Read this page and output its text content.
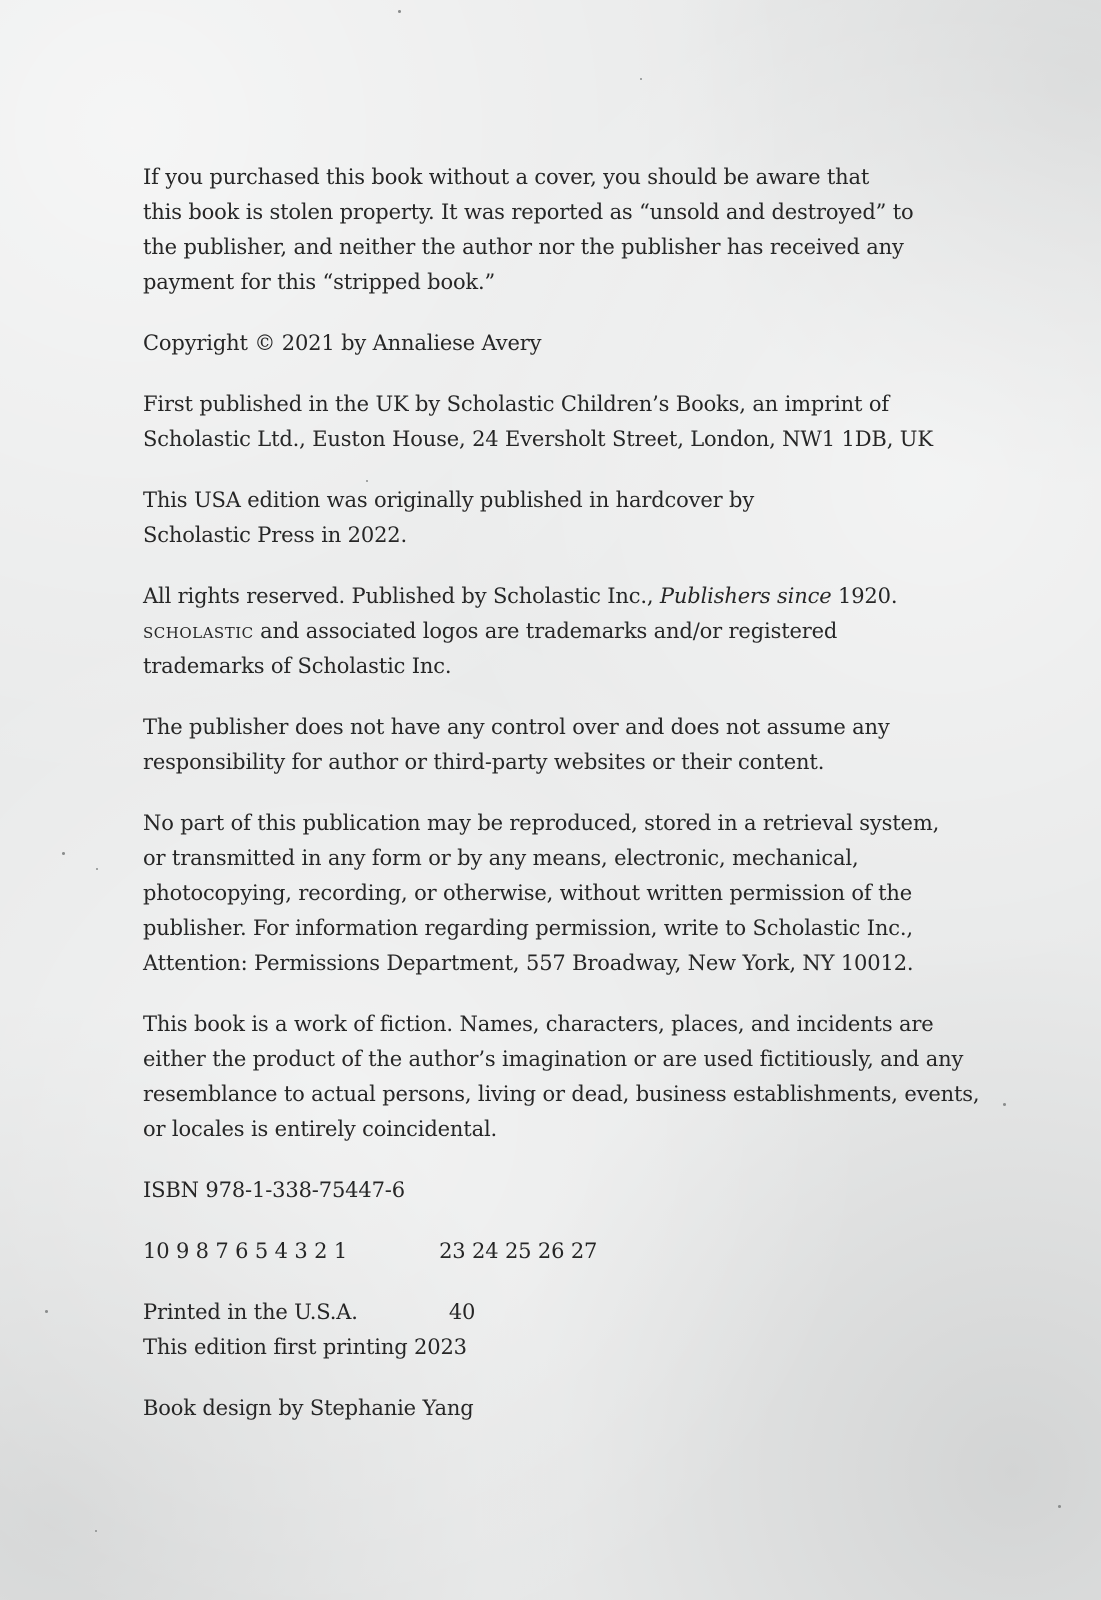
If you purchased this book without a cover, you should be aware that
this book is stolen property. It was reported as “unsold and destroyed” to
the publisher, and neither the author nor the publisher has received any
payment for this “stripped book.”

Copyright © 2021 by Annaliese Avery

First published in the UK by Scholastic Children’s Books, an imprint of
Scholastic Ltd., Euston House, 24 Eversholt Street, London, NW1 1DB, UK

This USA edition was originally published in hardcover by
Scholastic Press in 2022.

All rights reserved. Published by Scholastic Inc., Publishers since 1920.
scholastic and associated logos are trademarks and/or registered
trademarks of Scholastic Inc.

The publisher does not have any control over and does not assume any
responsibility for author or third-party websites or their content.

No part of this publication may be reproduced, stored in a retrieval system,
or transmitted in any form or by any means, electronic, mechanical,
photocopying, recording, or otherwise, without written permission of the
publisher. For information regarding permission, write to Scholastic Inc.,
Attention: Permissions Department, 557 Broadway, New York, NY 10012.

This book is a work of fiction. Names, characters, places, and incidents are
either the product of the author’s imagination or are used fictitiously, and any
resemblance to actual persons, living or dead, business establishments, events,
or locales is entirely coincidental.

ISBN 978-1-338-75447-6

10 9 8 7 6 5 4 3 2 1	23 24 25 26 27

Printed in the U.S.A.	40
This edition first printing 2023

Book design by Stephanie Yang
